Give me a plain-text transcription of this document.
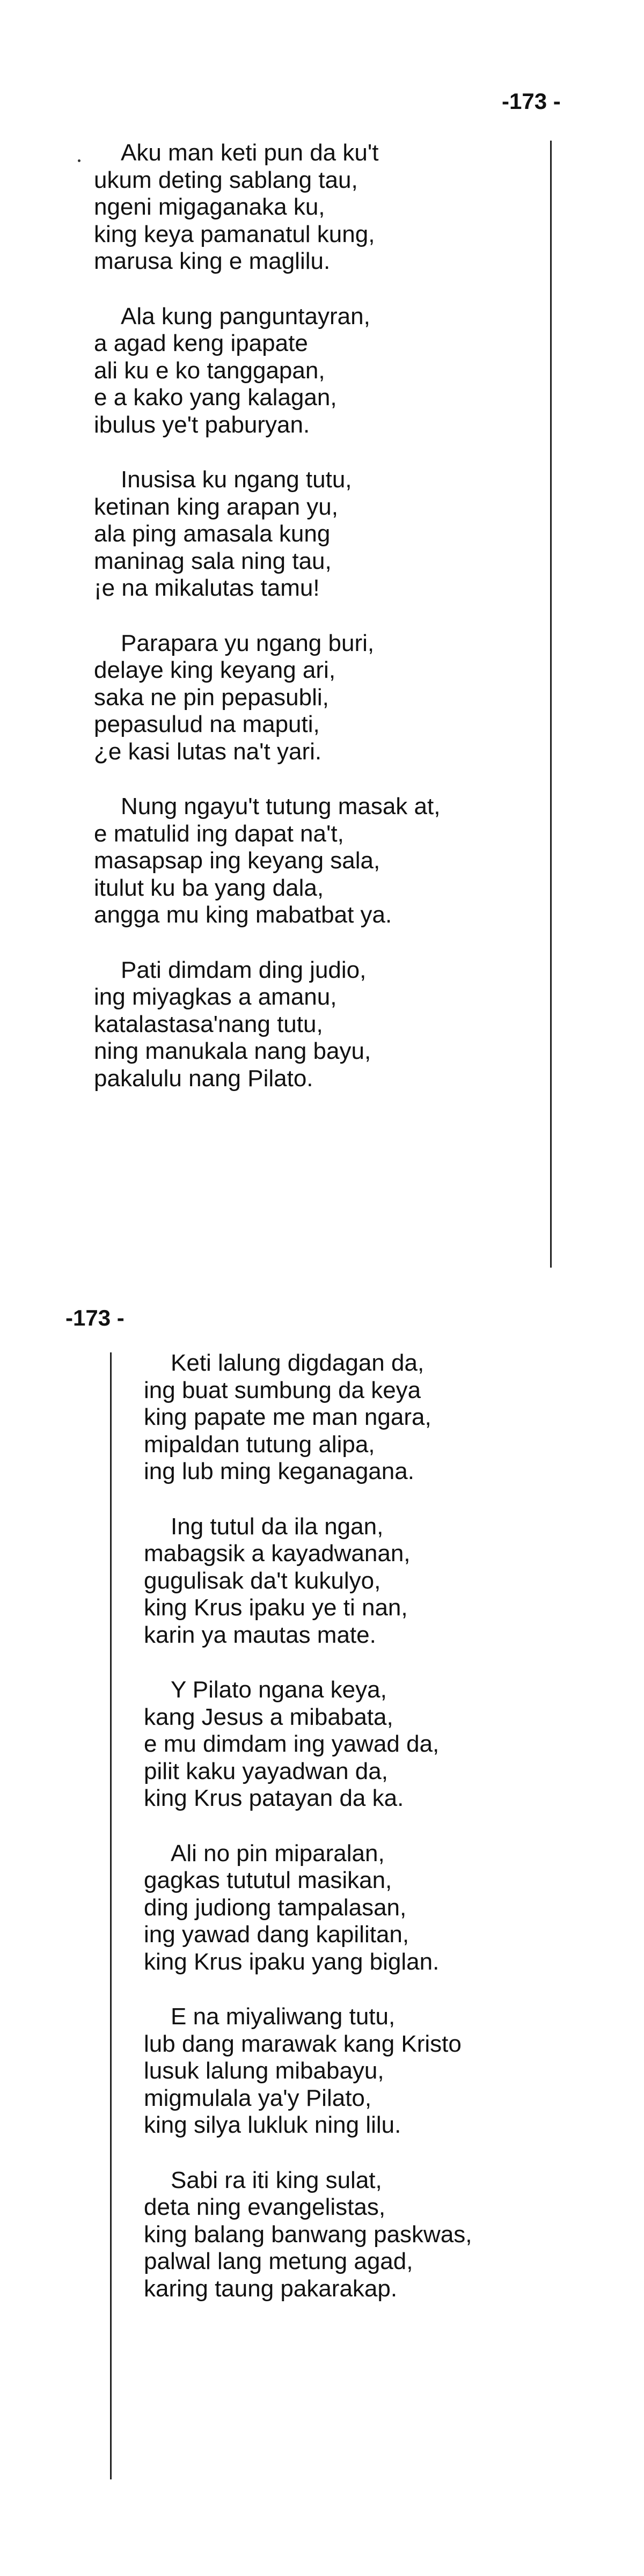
-173 -
Aku man keti pun da ku't
ukum deting sablang tau,
ngeni migaganaka ku,
king keya pamanatul kung,
marusa king e maglilu.
Ala kung panguntayran,
a agad keng ipapate
ali ku e ko tanggapan,
e a kako yang kalagan,
ibulus ye't paburyan.
Inusisa ku ngang tutu,
ketinan king arapan yu,
ala ping amasala kung
maninag sala ning tau,
¡e na mikalutas tamu!
Parapara yu ngang buri,
delaye king keyang ari,
saka ne pin pepasubli,
pepasulud na maputi,
¿e kasi lutas na't yari.
Nung ngayu't tutung masak at,
e matulid ing dapat na't,
masapsap ing keyang sala,
itulut ku ba yang dala,
angga mu king mabatbat ya.
Pati dimdam ding judio,
ing miyagkas a amanu,
katalastasa'nang tutu,
ning manukala nang bayu,
pakalulu nang Pilato.
-173 -
Keti lalung digdagan da,
ing buat sumbung da keya
king papate me man ngara,
mipaldan tutung alipa,
ing lub ming keganagana.
Ing tutul da ila ngan,
mabagsik a kayadwanan,
gugulisak da't kukulyo,
king Krus ipaku ye ti nan,
karin ya mautas mate.
Y Pilato ngana keya,
kang Jesus a mibabata,
e mu dimdam ing yawad da,
pilit kaku yayadwan da,
king Krus patayan da ka.
Ali no pin miparalan,
gagkas tututul masikan,
ding judiong tampalasan,
ing yawad dang kapilitan,
king Krus ipaku yang biglan.
E na miyaliwang tutu,
lub dang marawak kang Kristo
lusuk lalung mibabayu,
migmulala ya'y Pilato,
king silya lukluk ning lilu.
Sabi ra iti king sulat,
deta ning evangelistas,
king balang banwang paskwas,
palwal lang metung agad,
karing taung pakarakap.
